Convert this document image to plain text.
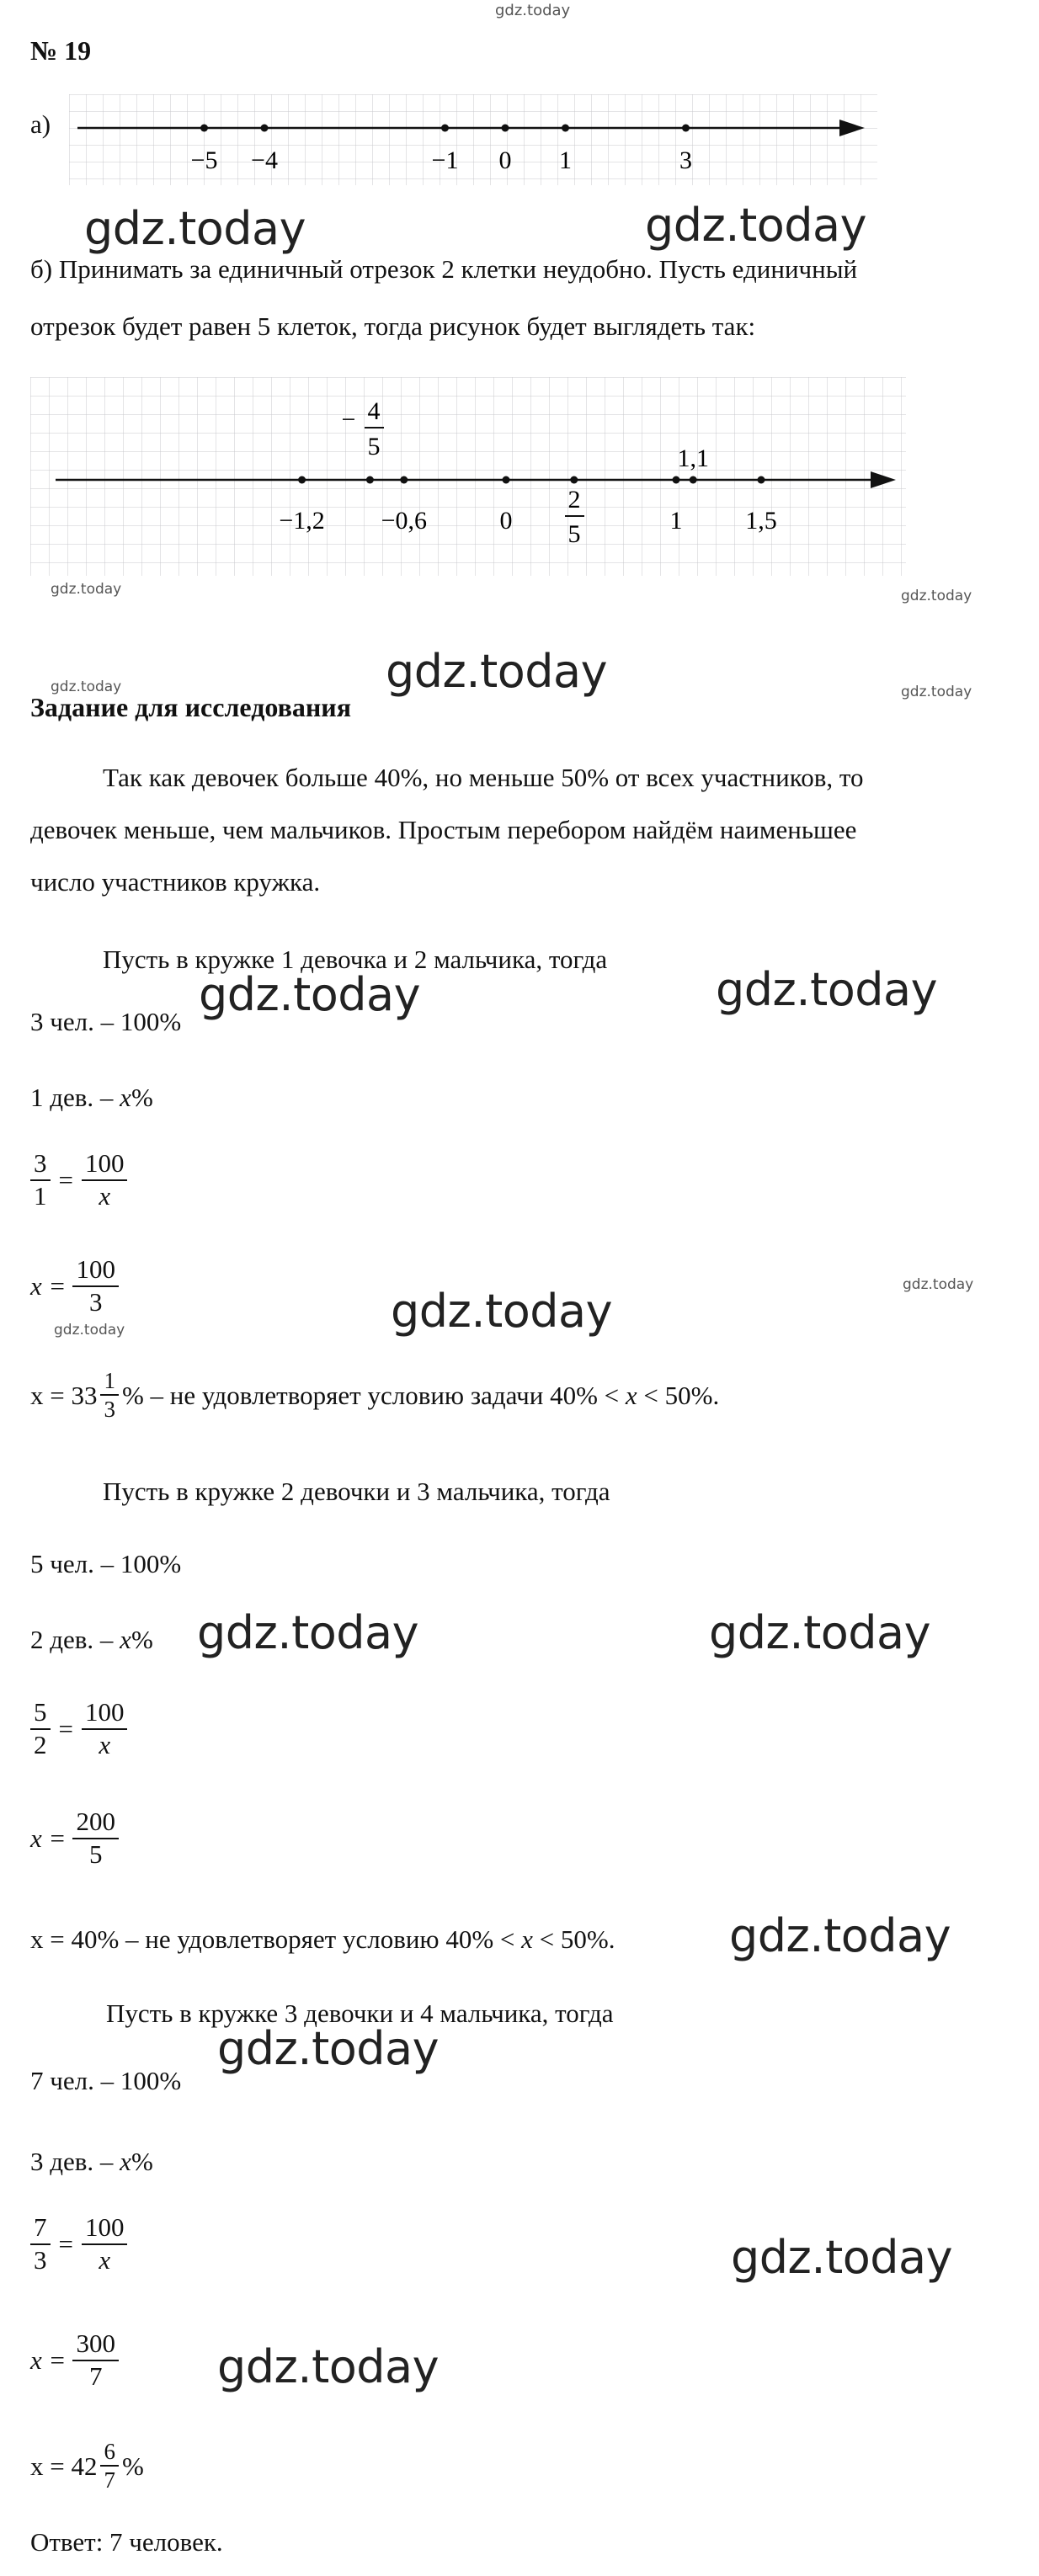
gdz.today
№ 19
а)
−5 −4	−1 0 1	3
gdz.today	gdz.today
б) Принимать за единичный отрезок 2 клетки неудобно. Пусть единичный
отрезок будет равен 5 клеток, тогда рисунок будет выглядеть так:
−1,2 −0,6	0	1
1,1
1,5
− 4
5
2
5
gdz.today	gdz.today
gdz.today	gdz.today	gdz.today
Задание для исследования
Так как девочек больше 40%, но меньше 50% от всех участников, то
девочек меньше, чем мальчиков. Простым перебором найдём наименьшее
число участников кружка.
Пусть в кружке 1 девочка и 2 мальчика, тогда
gdz.today	gdz.today
3 чел. – 100%
1 дев. – x%
$\frac{3}{1} = \frac{100}{x}$
$x = \frac{100}{3}$
gdz.today	gdz.today	gdz.today
$x = 33 \frac{1}{3}$ % – не удовлетворяет условию задачи 40% <
x
< 50%.
Пусть в кружке 2 девочки и 3 мальчика, тогда
5 чел. – 100%
gdz.today	gdz.today
2 дев. – x%
$\frac{5}{2} = \frac{100}{x}$
$x = \frac{200}{5}$
x = 40% – не удовлетворяет условию 40% < x < 50%.	gdz.today
Пусть в кружке 3 девочки и 4 мальчика, тогда
gdz.today
7 чел. – 100%
3 дев. – x%
$\frac{7}{3} = \frac{100}{x}$	gdz.today
$x = \frac{300}{7}$ gdz.today
$x = 42 \frac{6}{7}$ %
Ответ: 7 человек.
